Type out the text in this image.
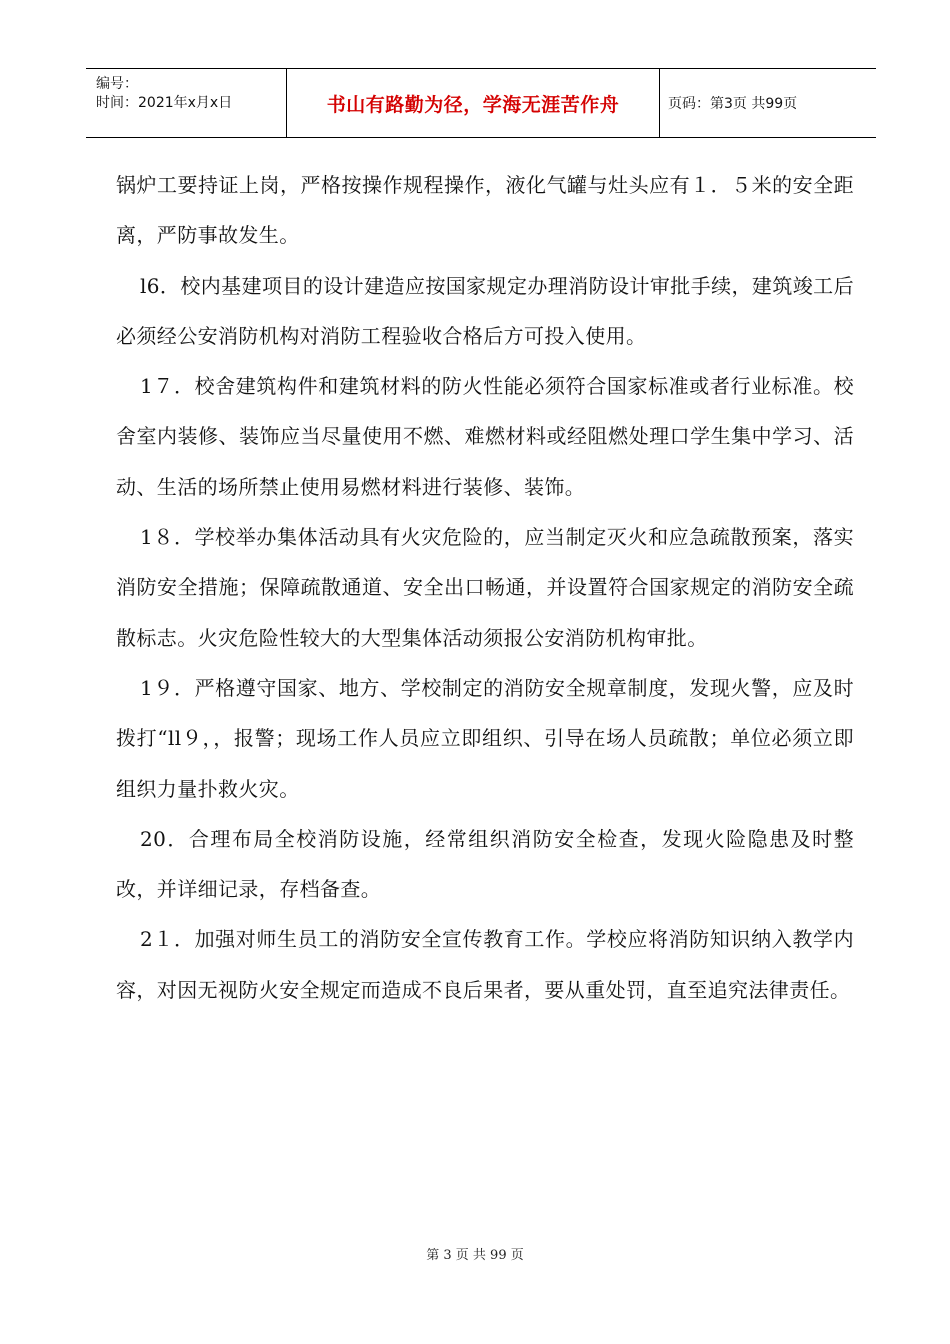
编号：
时间：2021年x月x日	书山有路勤为径，学海无涯苦作舟	页码：第3页 共99页

锅炉工要持证上岗，严格按操作规程操作，液化气罐与灶头应有１．５米的安全距离，严防事故发生。

l6．校内基建项目的设计建造应按国家规定办理消防设计审批手续，建筑竣工后必须经公安消防机构对消防工程验收合格后方可投入使用。

1７．校舍建筑构件和建筑材料的防火性能必须符合国家标准或者行业标准。校舍室内装修、装饰应当尽量使用不燃、难燃材料或经阻燃处理口学生集中学习、活动、生活的场所禁止使用易燃材料进行装修、装饰。

1８．学校举办集体活动具有火灾危险的，应当制定灭火和应急疏散预案，落实消防安全措施；保障疏散通道、安全出口畅通，并设置符合国家规定的消防安全疏散标志。火灾危险性较大的大型集体活动须报公安消防机构审批。

1９．严格遵守国家、地方、学校制定的消防安全规章制度，发现火警，应及时拨打“ll９，，报警；现场工作人员应立即组织、引导在场人员疏散；单位必须立即组织力量扑救火灾。

20．合理布局全校消防设施，经常组织消防安全检查，发现火险隐患及时整改，并详细记录，存档备查。

2１．加强对师生员工的消防安全宣传教育工作。学校应将消防知识纳入教学内容，对因无视防火安全规定而造成不良后果者，要从重处罚，直至追究法律责任。

第 3 页 共 99 页
